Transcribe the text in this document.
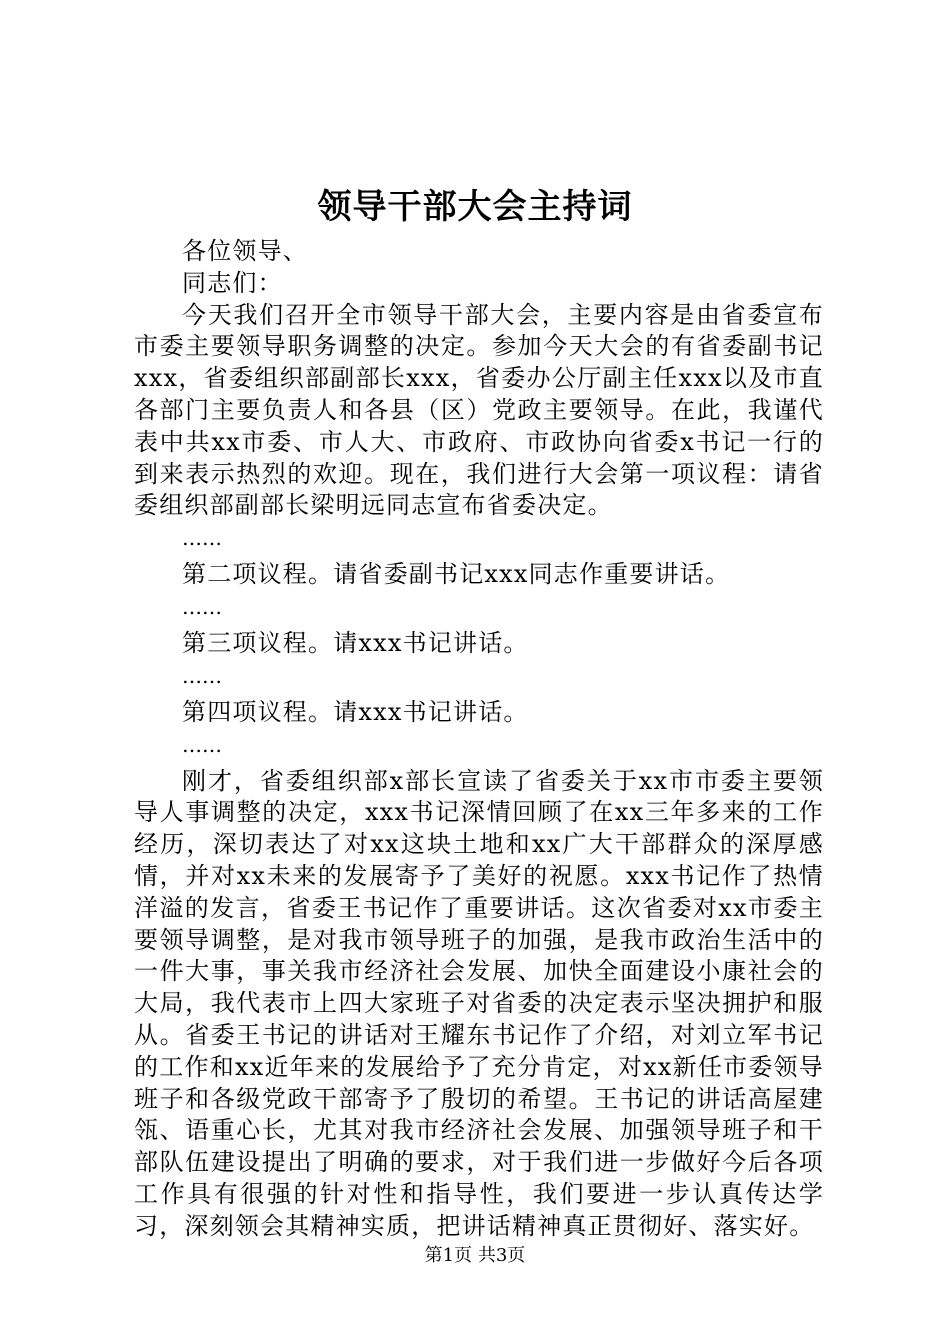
领导干部大会主持词

各位领导、

同志们：

今天我们召开全市领导干部大会，主要内容是由省委宣布市委主要领导职务调整的决定。参加今天大会的有省委副书记xxx，省委组织部副部长xxx，省委办公厅副主任xxx以及市直各部门主要负责人和各县（区）党政主要领导。在此，我谨代表中共xx市委、市人大、市政府、市政协向省委x书记一行的到来表示热烈的欢迎。现在，我们进行大会第一项议程：请省委组织部副部长梁明远同志宣布省委决定。

……

第二项议程。请省委副书记xxx同志作重要讲话。

……

第三项议程。请xxx书记讲话。

……

第四项议程。请xxx书记讲话。

……

刚才，省委组织部x部长宣读了省委关于xx市市委主要领导人事调整的决定，xxx书记深情回顾了在xx三年多来的工作经历，深切表达了对xx这块土地和xx广大干部群众的深厚感情，并对xx未来的发展寄予了美好的祝愿。xxx书记作了热情洋溢的发言，省委王书记作了重要讲话。这次省委对xx市委主要领导调整，是对我市领导班子的加强，是我市政治生活中的一件大事，事关我市经济社会发展、加快全面建设小康社会的大局，我代表市上四大家班子对省委的决定表示坚决拥护和服从。省委王书记的讲话对王耀东书记作了介绍，对刘立军书记的工作和xx近年来的发展给予了充分肯定，对xx新任市委领导班子和各级党政干部寄予了殷切的希望。王书记的讲话高屋建瓴、语重心长，尤其对我市经济社会发展、加强领导班子和干部队伍建设提出了明确的要求，对于我们进一步做好今后各项工作具有很强的针对性和指导性，我们要进一步认真传达学习，深刻领会其精神实质，把讲话精神真正贯彻好、落实好。

第1页 共3页
